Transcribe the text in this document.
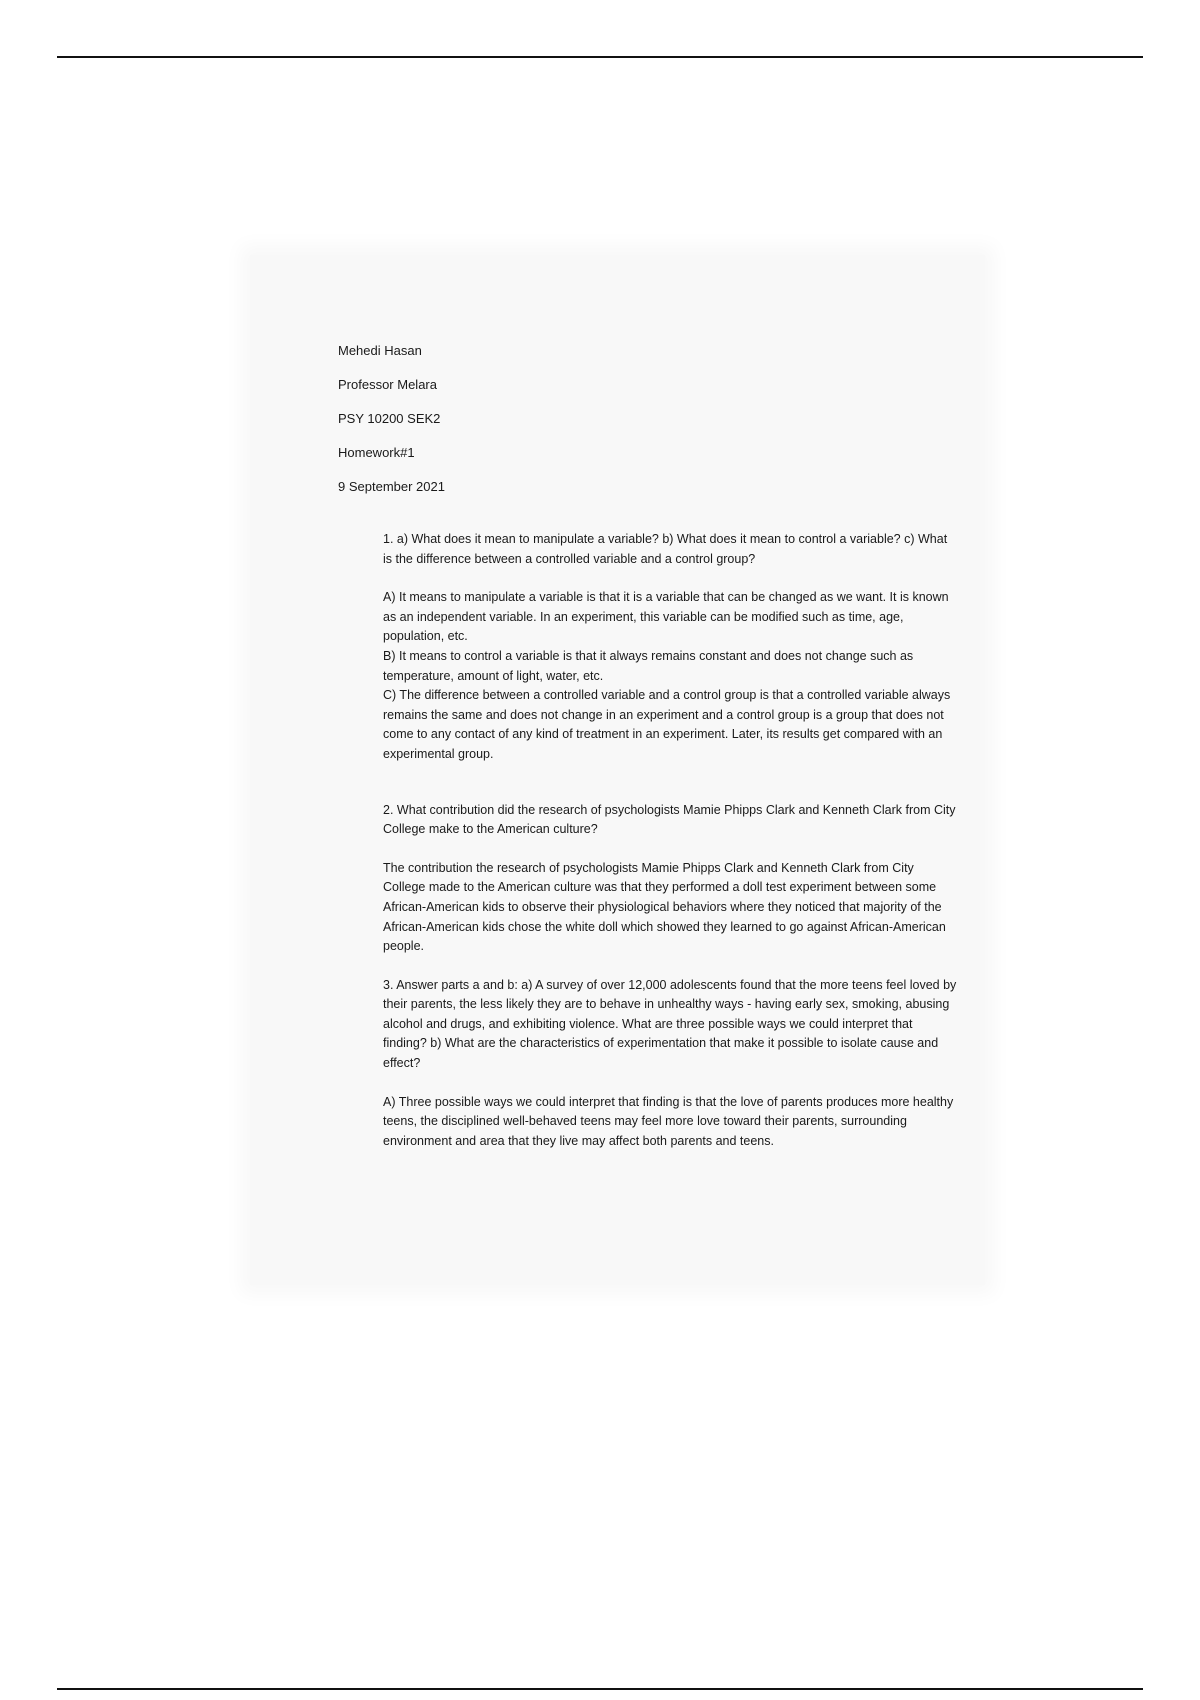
Mehedi Hasan
Professor Melara
PSY 10200 SEK2
Homework#1
9 September 2021

1. a) What does it mean to manipulate a variable? b) What does it mean to control a variable? c) What is the difference between a controlled variable and a control group?

A) It means to manipulate a variable is that it is a variable that can be changed as we want. It is known as an independent variable. In an experiment, this variable can be modified such as time, age, population, etc.

B) It means to control a variable is that it always remains constant and does not change such as temperature, amount of light, water, etc.

C) The difference between a controlled variable and a control group is that a controlled variable always remains the same and does not change in an experiment and a control group is a group that does not come to any contact of any kind of treatment in an experiment. Later, its results get compared with an experimental group.

2. What contribution did the research of psychologists Mamie Phipps Clark and Kenneth Clark from City College make to the American culture?

The contribution the research of psychologists Mamie Phipps Clark and Kenneth Clark from City College made to the American culture was that they performed a doll test experiment between some African-American kids to observe their physiological behaviors where they noticed that majority of the African-American kids chose the white doll which showed they learned to go against African-American people.

3. Answer parts a and b: a) A survey of over 12,000 adolescents found that the more teens feel loved by their parents, the less likely they are to behave in unhealthy ways - having early sex, smoking, abusing alcohol and drugs, and exhibiting violence. What are three possible ways we could interpret that finding? b) What are the characteristics of experimentation that make it possible to isolate cause and effect?

A) Three possible ways we could interpret that finding is that the love of parents produces more healthy teens, the disciplined well-behaved teens may feel more love toward their parents, surrounding environment and area that they live may affect both parents and teens.
